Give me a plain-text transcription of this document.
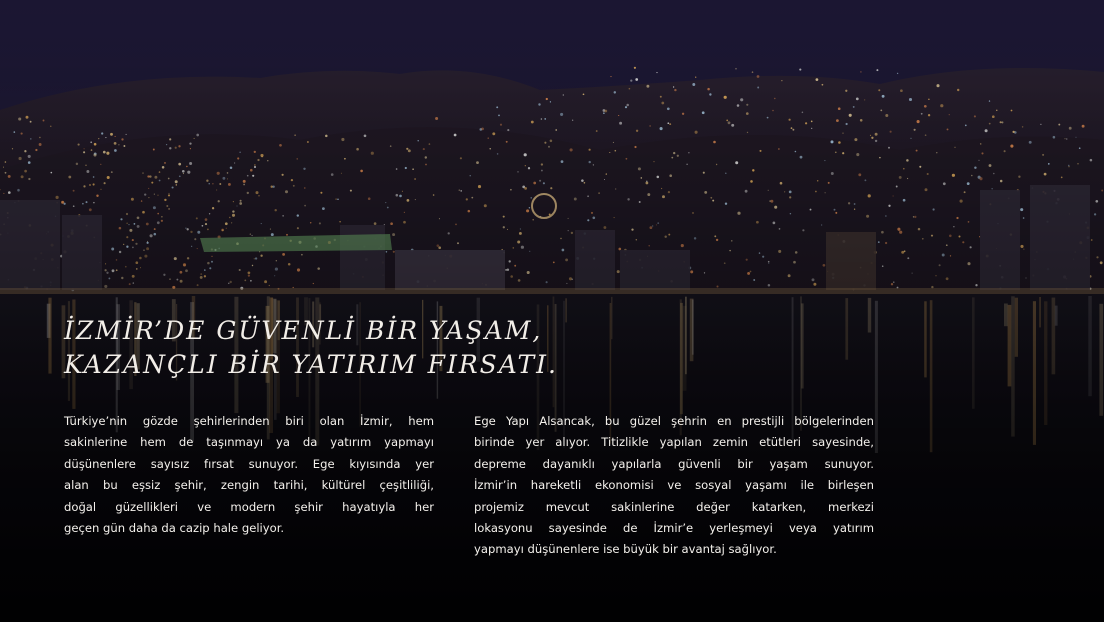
İZMİR’DE GÜVENLİ BİR YAŞAM,
KAZANÇLI BİR YATIRIM FIRSATI.

Türkiye’nin gözde şehirlerinden biri olan İzmir, hem
sakinlerine hem de taşınmayı ya da yatırım yapmayı
düşünenlere sayısız fırsat sunuyor. Ege kıyısında yer
alan bu eşsiz şehir, zengin tarihi, kültürel çeşitliliği,
doğal güzellikleri ve modern şehir hayatıyla her
geçen gün daha da cazip hale geliyor.

Ege Yapı Alsancak, bu güzel şehrin en prestijli bölgelerinden
birinde yer alıyor. Titizlikle yapılan zemin etütleri sayesinde,
depreme dayanıklı yapılarla güvenli bir yaşam sunuyor.
İzmir’in hareketli ekonomisi ve sosyal yaşamı ile birleşen
projemiz mevcut sakinlerine değer katarken, merkezi
lokasyonu sayesinde de İzmir’e yerleşmeyi veya yatırım
yapmayı düşünenlere ise büyük bir avantaj sağlıyor.
